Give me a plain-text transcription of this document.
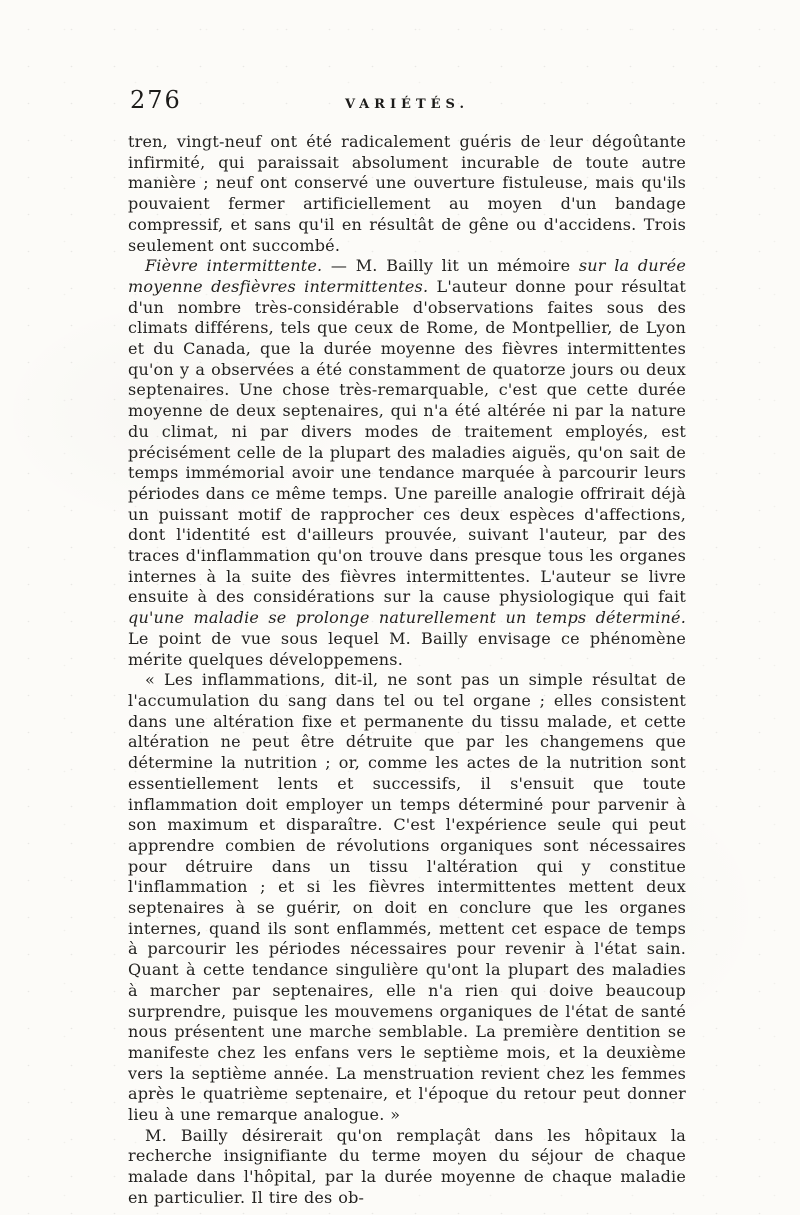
276	VARIÉTÉS.

tren, vingt-neuf ont été radicalement guéris de leur dégoûtante infirmité, qui paraissait absolument incurable de toute autre manière ; neuf ont conservé une ouverture fistuleuse, mais qu'ils pouvaient fermer artificiellement au moyen d'un bandage compressif, et sans qu'il en résultât de gêne ou d'accidens. Trois seulement ont succombé.

Fièvre intermittente. — M. Bailly lit un mémoire sur la durée moyenne desfièvres intermittentes. L'auteur donne pour résultat d'un nombre très-considérable d'observations faites sous des climats différens, tels que ceux de Rome, de Montpellier, de Lyon et du Canada, que la durée moyenne des fièvres intermittentes qu'on y a observées a été constamment de quatorze jours ou deux septenaires. Une chose très-remarquable, c'est que cette durée moyenne de deux septenaires, qui n'a été altérée ni par la nature du climat, ni par divers modes de traitement employés, est précisément celle de la plupart des maladies aiguës, qu'on sait de temps immémorial avoir une tendance marquée à parcourir leurs périodes dans ce même temps. Une pareille analogie offrirait déjà un puissant motif de rapprocher ces deux espèces d'affections, dont l'identité est d'ailleurs prouvée, suivant l'auteur, par des traces d'inflammation qu'on trouve dans presque tous les organes internes à la suite des fièvres intermittentes. L'auteur se livre ensuite à des considérations sur la cause physiologique qui fait qu'une maladie se prolonge naturellement un temps déterminé. Le point de vue sous lequel M. Bailly envisage ce phénomène mérite quelques développemens.

« Les inflammations, dit-il, ne sont pas un simple résultat de l'accumulation du sang dans tel ou tel organe ; elles consistent dans une altération fixe et permanente du tissu malade, et cette altération ne peut être détruite que par les changemens que détermine la nutrition ; or, comme les actes de la nutrition sont essentiellement lents et successifs, il s'ensuit que toute inflammation doit employer un temps déterminé pour parvenir à son maximum et disparaître. C'est l'expérience seule qui peut apprendre combien de révolutions organiques sont nécessaires pour détruire dans un tissu l'altération qui y constitue l'inflammation ; et si les fièvres intermittentes mettent deux septenaires à se guérir, on doit en conclure que les organes internes, quand ils sont enflammés, mettent cet espace de temps à parcourir les périodes nécessaires pour revenir à l'état sain. Quant à cette tendance singulière qu'ont la plupart des maladies à marcher par septenaires, elle n'a rien qui doive beaucoup surprendre, puisque les mouvemens organiques de l'état de santé nous présentent une marche semblable. La première dentition se manifeste chez les enfans vers le septième mois, et la deuxième vers la septième année. La menstruation revient chez les femmes après le quatrième septenaire, et l'époque du retour peut donner lieu à une remarque analogue. »

M. Bailly désirerait qu'on remplaçât dans les hôpitaux la recherche insignifiante du terme moyen du séjour de chaque malade dans l'hôpital, par la durée moyenne de chaque maladie en particulier. Il tire des ob-
